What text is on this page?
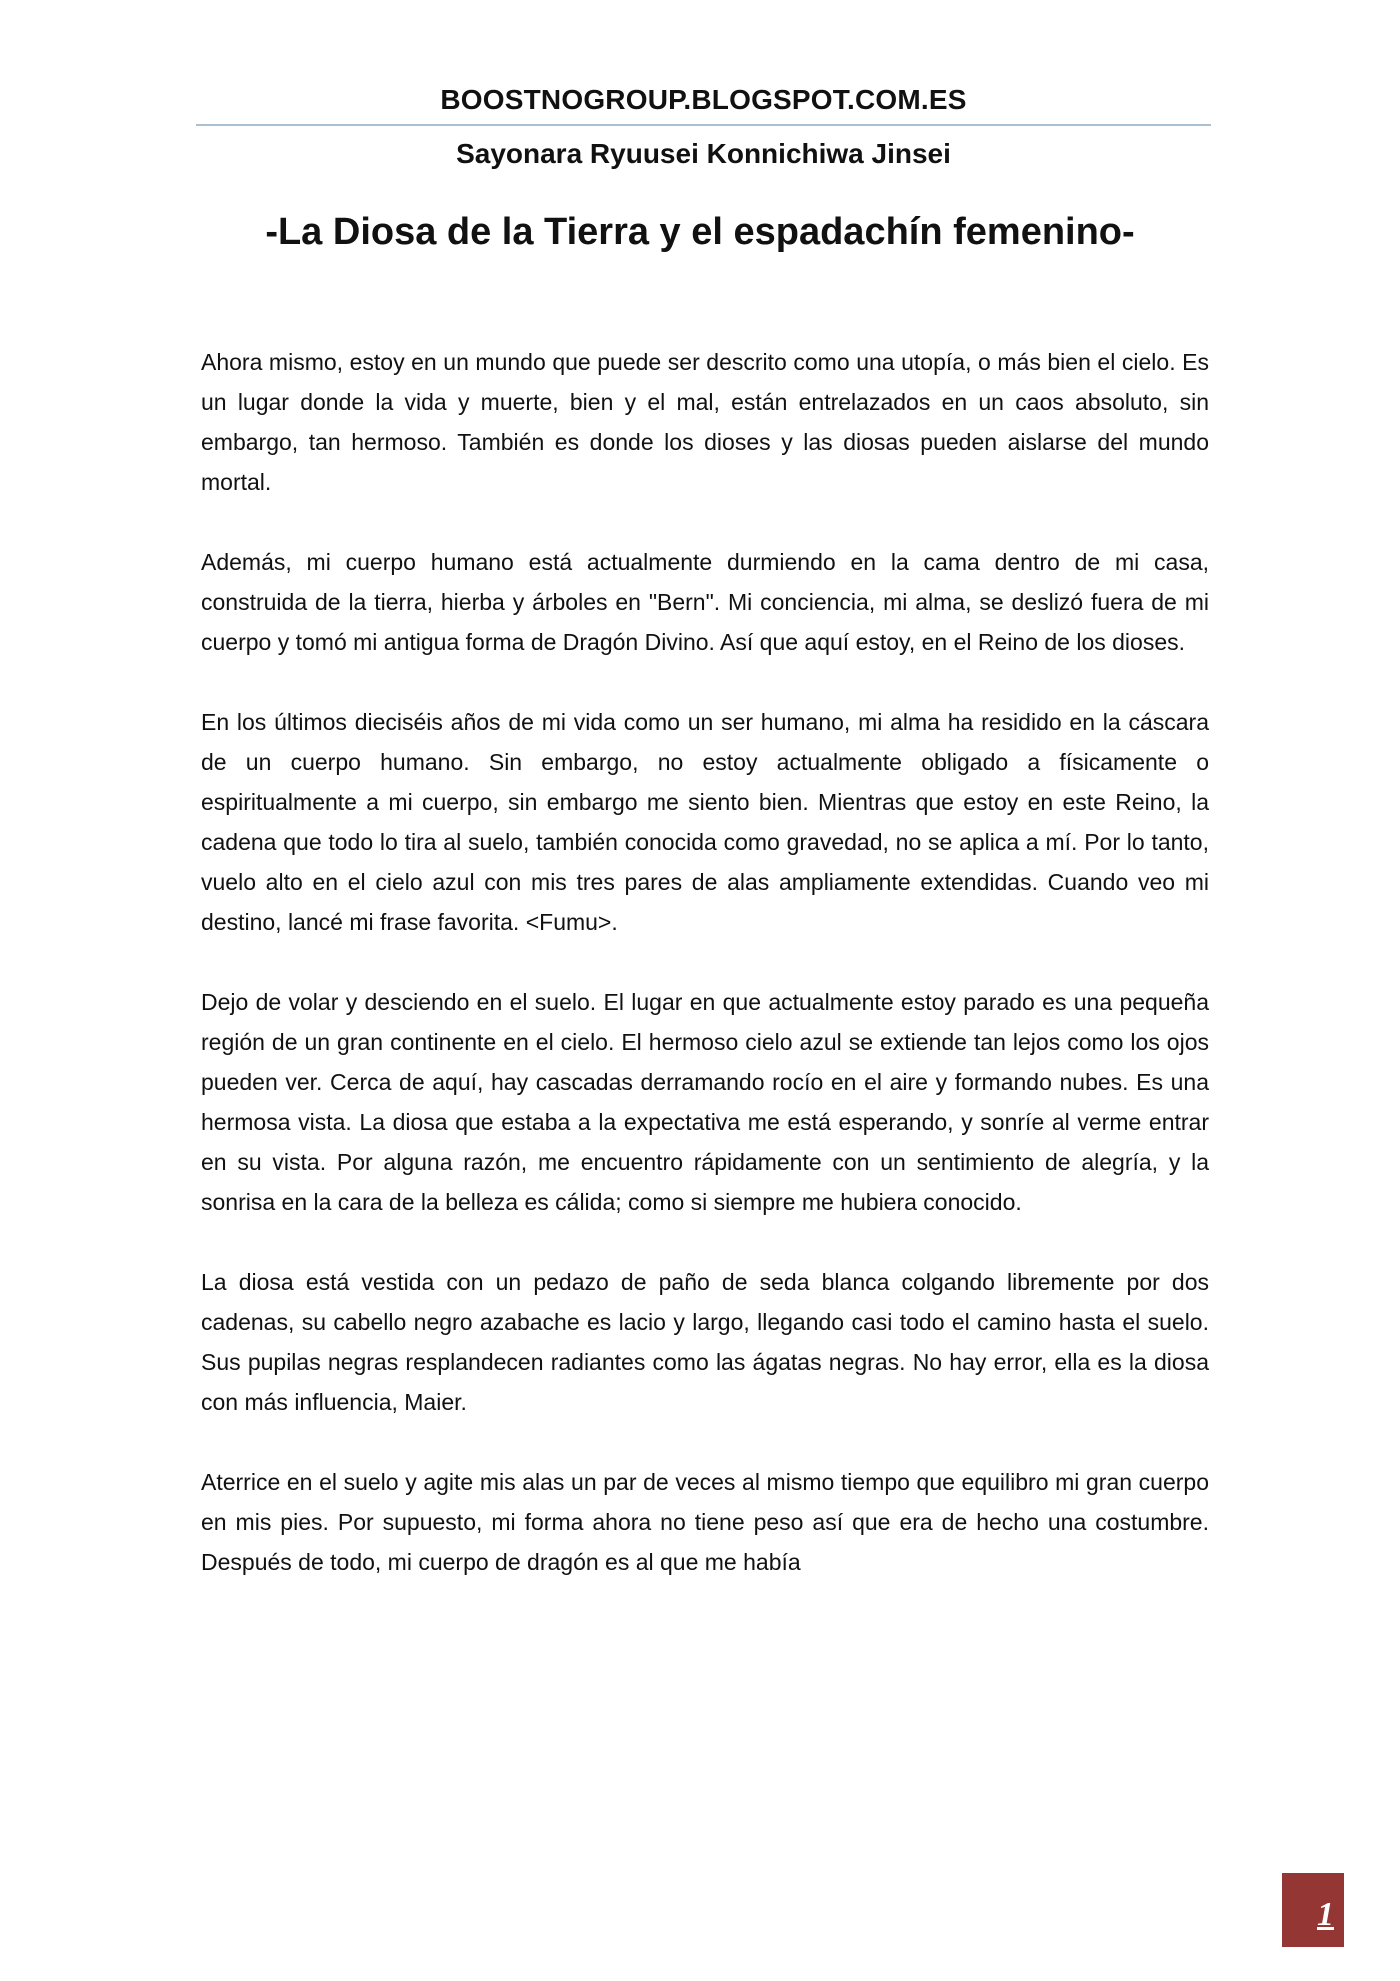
BOOSTNOGROUP.BLOGSPOT.COM.ES
Sayonara Ryuusei Konnichiwa Jinsei
-La Diosa de la Tierra y el espadachín femenino-

Ahora mismo, estoy en un mundo que puede ser descrito como una utopía, o más bien el cielo. Es un lugar donde la vida y muerte, bien y el mal, están entrelazados en un caos absoluto, sin embargo, tan hermoso. También es donde los dioses y las diosas pueden aislarse del mundo mortal.

Además, mi cuerpo humano está actualmente durmiendo en la cama dentro de mi casa, construida de la tierra, hierba y árboles en "Bern". Mi conciencia, mi alma, se deslizó fuera de mi cuerpo y tomó mi antigua forma de Dragón Divino. Así que aquí estoy, en el Reino de los dioses.

En los últimos dieciséis años de mi vida como un ser humano, mi alma ha residido en la cáscara de un cuerpo humano. Sin embargo, no estoy actualmente obligado a físicamente o espiritualmente a mi cuerpo, sin embargo me siento bien. Mientras que estoy en este Reino, la cadena que todo lo tira al suelo, también conocida como gravedad, no se aplica a mí. Por lo tanto, vuelo alto en el cielo azul con mis tres pares de alas ampliamente extendidas. Cuando veo mi destino, lancé mi frase favorita. <Fumu>.

Dejo de volar y desciendo en el suelo. El lugar en que actualmente estoy parado es una pequeña región de un gran continente en el cielo. El hermoso cielo azul se extiende tan lejos como los ojos pueden ver. Cerca de aquí, hay cascadas derramando rocío en el aire y formando nubes. Es una hermosa vista. La diosa que estaba a la expectativa me está esperando, y sonríe al verme entrar en su vista. Por alguna razón, me encuentro rápidamente con un sentimiento de alegría, y la sonrisa en la cara de la belleza es cálida; como si siempre me hubiera conocido.

La diosa está vestida con un pedazo de paño de seda blanca colgando libremente por dos cadenas, su cabello negro azabache es lacio y largo, llegando casi todo el camino hasta el suelo. Sus pupilas negras resplandecen radiantes como las ágatas negras. No hay error, ella es la diosa con más influencia, Maier.

Aterrice en el suelo y agite mis alas un par de veces al mismo tiempo que equilibro mi gran cuerpo en mis pies. Por supuesto, mi forma ahora no tiene peso así que era de hecho una costumbre. Después de todo, mi cuerpo de dragón es al que me había

1
